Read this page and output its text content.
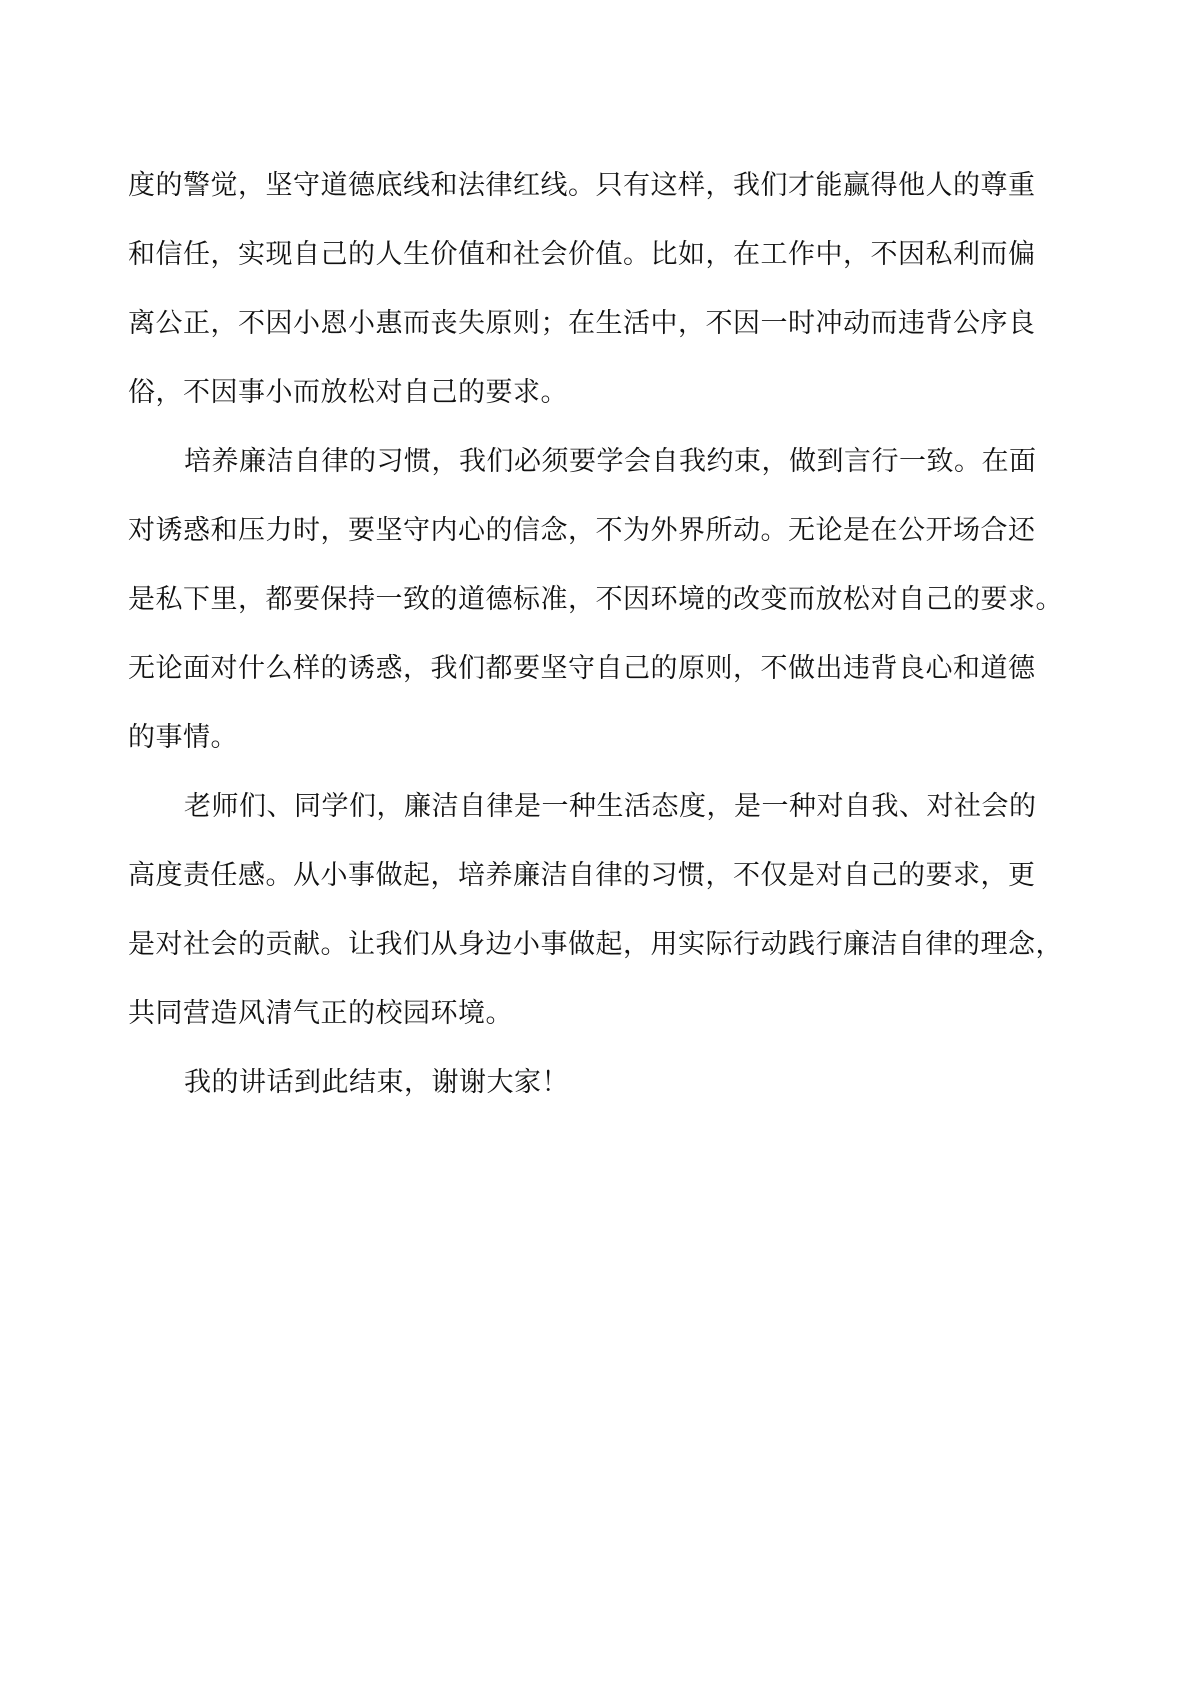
度的警觉，坚守道德底线和法律红线。只有这样，我们才能赢得他人的尊重
和信任，实现自己的人生价值和社会价值。比如，在工作中，不因私利而偏
离公正，不因小恩小惠而丧失原则；在生活中，不因一时冲动而违背公序良
俗，不因事小而放松对自己的要求。
培养廉洁自律的习惯，我们必须要学会自我约束，做到言行一致。在面
对诱惑和压力时，要坚守内心的信念，不为外界所动。无论是在公开场合还
是私下里，都要保持一致的道德标准，不因环境的改变而放松对自己的要求。
无论面对什么样的诱惑，我们都要坚守自己的原则，不做出违背良心和道德
的事情。
老师们、同学们，廉洁自律是一种生活态度，是一种对自我、对社会的
高度责任感。从小事做起，培养廉洁自律的习惯，不仅是对自己的要求，更
是对社会的贡献。让我们从身边小事做起，用实际行动践行廉洁自律的理念，
共同营造风清气正的校园环境。
我的讲话到此结束，谢谢大家！
